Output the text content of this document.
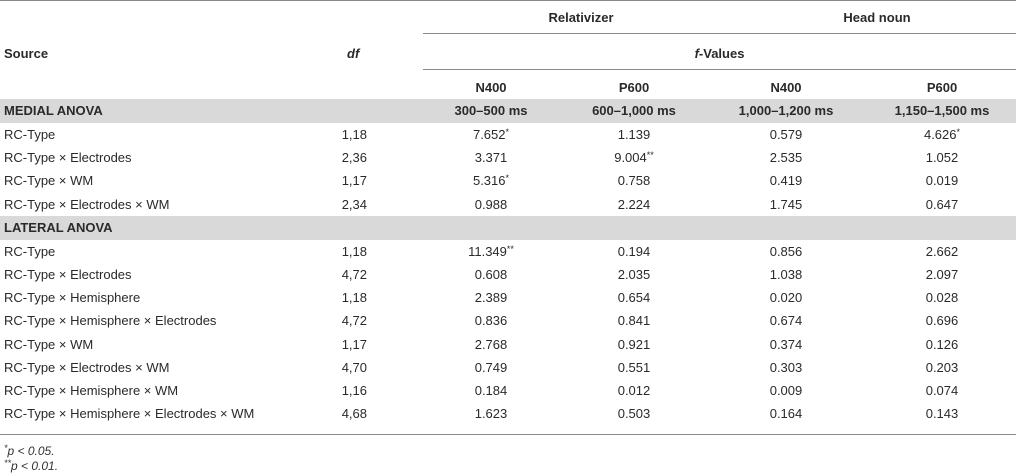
Relativizer	Head noun
Source	df	f-Values
N400	P600	N400	P600
MEDIAL ANOVA	300–500 ms	600–1,000 ms	1,000–1,200 ms	1,150–1,500 ms
RC-Type	1,18	7.652*	1.139	0.579	4.626*
RC-Type × Electrodes	2,36	3.371	9.004**	2.535	1.052
RC-Type × WM	1,17	5.316*	0.758	0.419	0.019
RC-Type × Electrodes × WM	2,34	0.988	2.224	1.745	0.647
LATERAL ANOVA
RC-Type	1,18	11.349**	0.194	0.856	2.662
RC-Type × Electrodes	4,72	0.608	2.035	1.038	2.097
RC-Type × Hemisphere	1,18	2.389	0.654	0.020	0.028
RC-Type × Hemisphere × Electrodes	4,72	0.836	0.841	0.674	0.696
RC-Type × WM	1,17	2.768	0.921	0.374	0.126
RC-Type × Electrodes × WM	4,70	0.749	0.551	0.303	0.203
RC-Type × Hemisphere × WM	1,16	0.184	0.012	0.009	0.074
RC-Type × Hemisphere × Electrodes × WM	4,68	1.623	0.503	0.164	0.143
*p < 0.05.
**p < 0.01.
